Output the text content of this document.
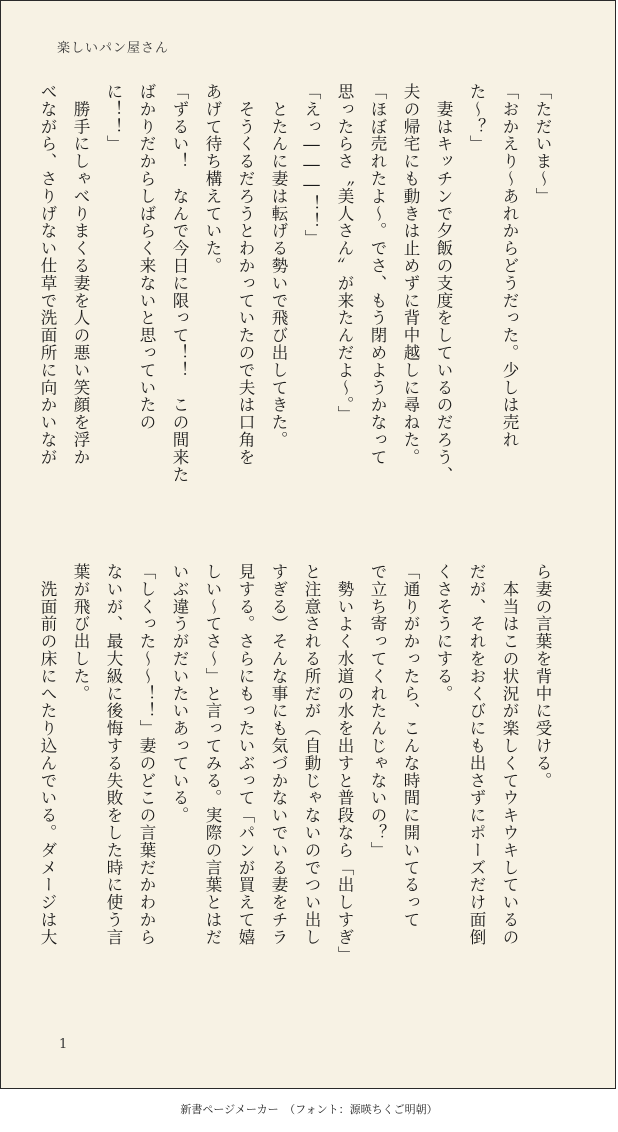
楽しいパン屋さん
「ただいま～」
「おかえり～あれからどうだった。少しは売れ
た～？」
　妻はキッチンで夕飯の支度をしているのだろう、
夫の帰宅にも動きは止めずに背中越しに尋ねた。
「ほぼ売れたよ～。でさ、もう閉めようかなって
思ったらさ〝美人さん〟が来たんだよ～。」
「えっ―――！！」
　とたんに妻は転げる勢いで飛び出してきた。
　そうくるだろうとわかっていたので夫は口角を
あげて待ち構えていた。
「ずるい！　なんで今日に限って！！　この間来た
ばかりだからしばらく来ないと思っていたの
に！！」
　勝手にしゃべりまくる妻を人の悪い笑顔を浮か
べながら、さりげない仕草で洗面所に向かいなが
ら妻の言葉を背中に受ける。
　本当はこの状況が楽しくてウキウキしているの
だが、それをおくびにも出さずにポーズだけ面倒
くさそうにする。
「通りがかったら、こんな時間に開いてるって
で立ち寄ってくれたんじゃないの？」
　勢いよく水道の水を出すと普段なら「出しすぎ」
と注意される所だが（自動じゃないのでつい出し
すぎる）そんな事にも気づかないでいる妻をチラ
見する。さらにもったいぶって「パンが買えて嬉
しい～てさ～」と言ってみる。実際の言葉とはだ
いぶ違うがだいたいあっている。
「しくった～～！！」妻のどこの言葉だかわから
ないが、最大級に後悔する失敗をした時に使う言
葉が飛び出した。
　洗面前の床にへたり込んでいる。ダメージは大
1
新書ページメーカー　（フォント：源暎ちくご明朝）
